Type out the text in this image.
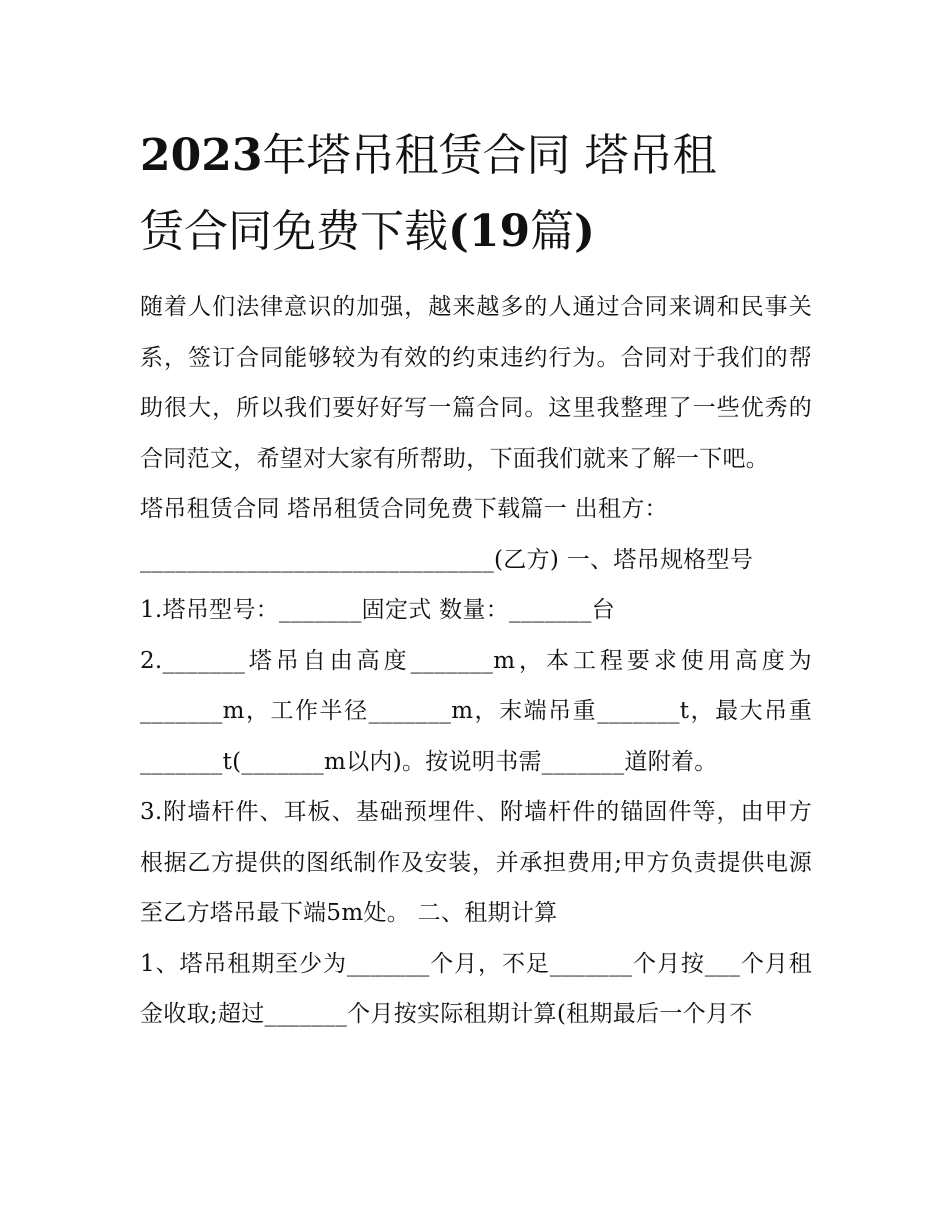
2023年塔吊租赁合同 塔吊租
赁合同免费下载(19篇)

随着人们法律意识的加强，越来越多的人通过合同来调和民事关系，签订合同能够较为有效的约束违约行为。合同对于我们的帮助很大，所以我们要好好写一篇合同。这里我整理了一些优秀的合同范文，希望对大家有所帮助，下面我们就来了解一下吧。

塔吊租赁合同 塔吊租赁合同免费下载篇一 出租方：

______________________________(乙方) 一、塔吊规格型号

1.塔吊型号：_______固定式 数量：_______台

2._______塔吊自由高度_______m，本工程要求使用高度为_______m，工作半径_______m，末端吊重_______t，最大吊重_______t(_______m以内)。按说明书需_______道附着。

3.附墙杆件、耳板、基础预埋件、附墙杆件的锚固件等，由甲方根据乙方提供的图纸制作及安装，并承担费用;甲方负责提供电源至乙方塔吊最下端5m处。 二、租期计算

1、塔吊租期至少为_______个月，不足_______个月按___个月租金收取;超过_______个月按实际租期计算(租期最后一个月不
